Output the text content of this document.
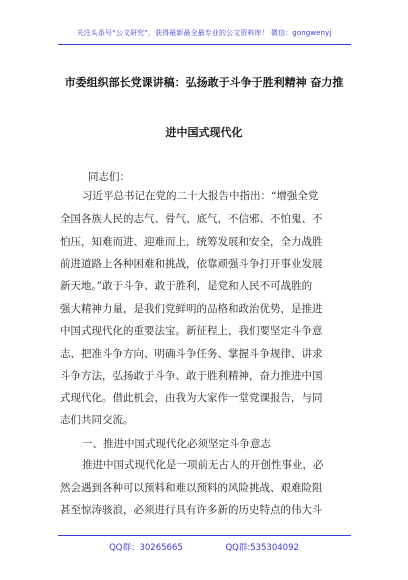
关注头条号“公文研究”，获得最新最全最专业的公文资料库！ 微信：gongwenyj
市委组织部长党课讲稿：弘扬敢于斗争于胜利精神 奋力推
进中国式现代化
同志们：
习近平总书记在党的二十大报告中指出：“增强全党
全国各族人民的志气、骨气、底气，不信邪、不怕鬼、不
怕压，知难而进、迎难而上，统筹发展和安全，全力战胜
前进道路上各种困难和挑战，依靠顽强斗争打开事业发展
新天地。”敢于斗争、敢于胜利，是党和人民不可战胜的
强大精神力量，是我们党鲜明的品格和政治优势，是推进
中国式现代化的重要法宝。新征程上，我们要坚定斗争意
志、把准斗争方向、明确斗争任务、掌握斗争规律、讲求
斗争方法，弘扬敢于斗争、敢于胜利精神，奋力推进中国
式现代化。借此机会，由我为大家作一堂党课报告，与同
志们共同交流。
一、推进中国式现代化必须坚定斗争意志
推进中国式现代化是一项前无古人的开创性事业，必
然会遇到各种可以预料和难以预料的风险挑战、艰难险阻
甚至惊涛骇浪，必须进行具有许多新的历史特点的伟大斗
QQ群：30265665	QQ群:535304092
